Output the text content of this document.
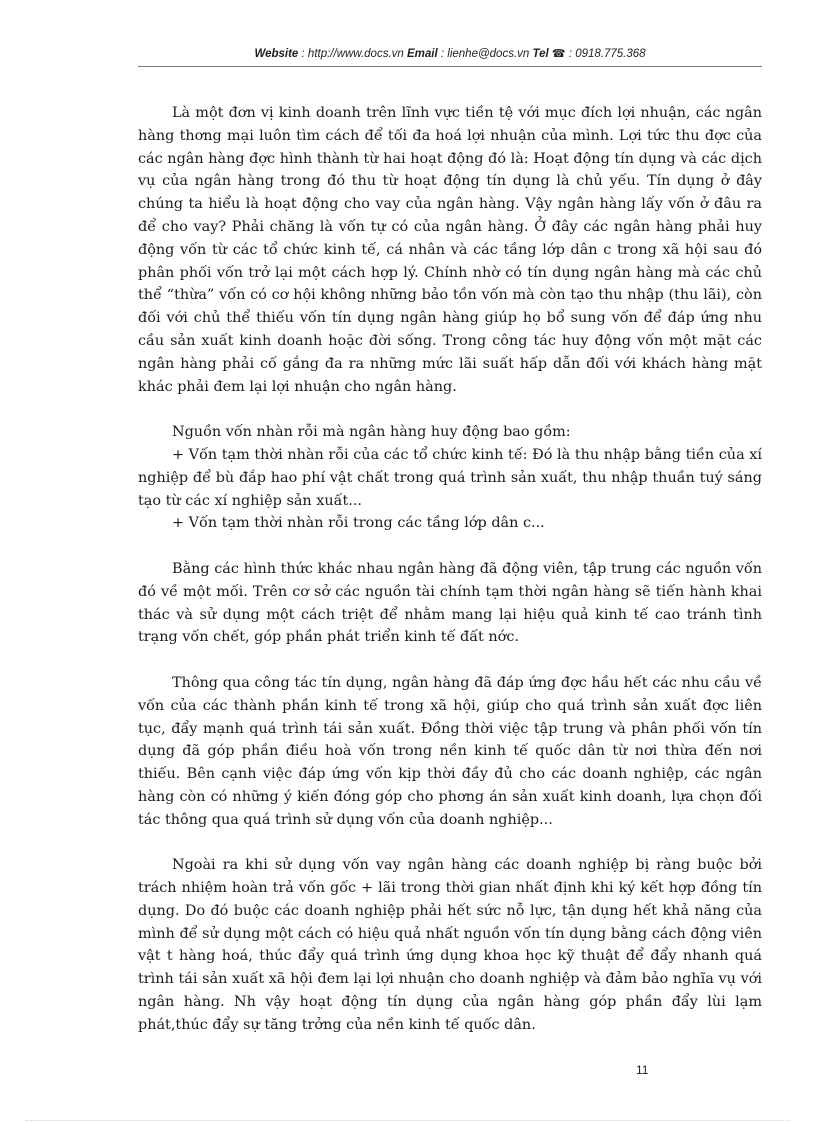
Website : http://www.docs.vn Email : lienhe@docs.vn Tel ☎ : 0918.775.368

Là một đơn vị kinh doanh trên lĩnh vực tiền tệ với mục đích lợi nhuận, các ngân hàng thơng mại luôn tìm cách để tối đa hoá lợi nhuận của mình. Lợi tức thu đợc của các ngân hàng đợc hình thành từ hai hoạt động đó là: Hoạt động tín dụng và các dịch vụ của ngân hàng trong đó thu từ hoạt động tín dụng là chủ yếu. Tín dụng ở đây chúng ta hiểu là hoạt động cho vay của ngân hàng. Vậy ngân hàng lấy vốn ở đâu ra để cho vay? Phải chăng là vốn tự có của ngân hàng. Ở đây các ngân hàng phải huy động vốn từ các tổ chức kinh tế, cá nhân và các tầng lớp dân c trong xã hội sau đó phân phối vốn trở lại một cách hợp lý. Chính nhờ có tín dụng ngân hàng mà các chủ thể “thừa” vốn có cơ hội không những bảo tồn vốn mà còn tạo thu nhập (thu lãi), còn đối với chủ thể thiếu vốn tín dụng ngân hàng giúp họ bổ sung vốn để đáp ứng nhu cầu sản xuất kinh doanh hoặc đời sống. Trong công tác huy động vốn một mặt các ngân hàng phải cố gắng đa ra những mức lãi suất hấp dẫn đối với khách hàng mặt khác phải đem lại lợi nhuận cho ngân hàng.

Nguồn vốn nhàn rỗi mà ngân hàng huy động bao gồm:

+ Vốn tạm thời nhàn rỗi của các tổ chức kinh tế: Đó là thu nhập bằng tiền của xí nghiệp để bù đắp hao phí vật chất trong quá trình sản xuất, thu nhập thuần tuý sáng tạo từ các xí nghiệp sản xuất...

+ Vốn tạm thời nhàn rỗi trong các tầng lớp dân c...

Bằng các hình thức khác nhau ngân hàng đã động viên, tập trung các nguồn vốn đó về một mối. Trên cơ sở các nguồn tài chính tạm thời ngân hàng sẽ tiến hành khai thác và sử dụng một cách triệt để nhằm mang lại hiệu quả kinh tế cao tránh tình trạng vốn chết, góp phần phát triển kinh tế đất nớc.

Thông qua công tác tín dụng, ngân hàng đã đáp ứng đợc hầu hết các nhu cầu về vốn của các thành phần kinh tế trong xã hội, giúp cho quá trình sản xuất đợc liên tục, đẩy mạnh quá trình tái sản xuất. Đồng thời việc tập trung và phân phối vốn tín dụng đã góp phần điều hoà vốn trong nền kinh tế quốc dân từ nơi thừa đến nơi thiếu. Bên cạnh việc đáp ứng vốn kịp thời đầy đủ cho các doanh nghiệp, các ngân hàng còn có những ý kiến đóng góp cho phơng án sản xuất kinh doanh, lựa chọn đối tác thông qua quá trình sử dụng vốn của doanh nghiệp...

Ngoài ra khi sử dụng vốn vay ngân hàng các doanh nghiệp bị ràng buộc bởi trách nhiệm hoàn trả vốn gốc + lãi trong thời gian nhất định khi ký kết hợp đồng tín dụng. Do đó buộc các doanh nghiệp phải hết sức nỗ lực, tận dụng hết khả năng của mình để sử dụng một cách có hiệu quả nhất nguồn vốn tín dụng bằng cách động viên vật t hàng hoá, thúc đẩy quá trình ứng dụng khoa học kỹ thuật để đẩy nhanh quá trình tái sản xuất xã hội đem lại lợi nhuận cho doanh nghiệp và đảm bảo nghĩa vụ với ngân hàng. Nh vậy hoạt động tín dụng của ngân hàng góp phần đẩy lùi lạm phát,thúc đẩy sự tăng trởng của nền kinh tế quốc dân.

11
